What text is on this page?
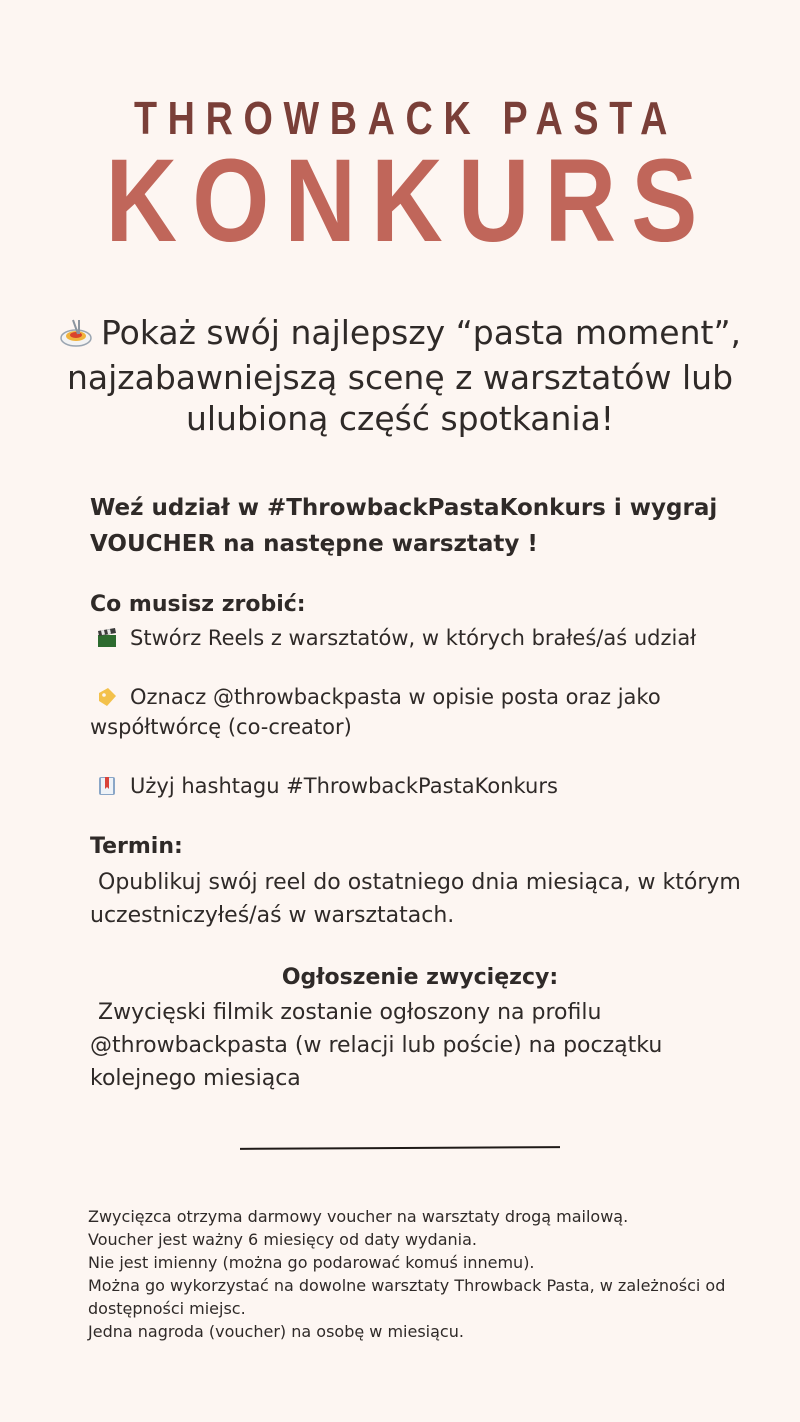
THROWBACK PASTA
KONKURS
Pokaż swój najlepszy “pasta moment”, najzabawniejszą scenę z warsztatów lub ulubioną część spotkania!
Weź udział w #ThrowbackPastaKonkurs i wygraj VOUCHER na następne warsztaty !
Co musisz zrobić:
Stwórz Reels z warsztatów, w których brałeś/aś udział
Oznacz @throwbackpasta w opisie posta oraz jako współtwórcę (co-creator)
Użyj hashtagu #ThrowbackPastaKonkurs
Termin:
Opublikuj swój reel do ostatniego dnia miesiąca, w którym uczestniczyłeś/aś w warsztatach.
Ogłoszenie zwycięzcy:
Zwycięski filmik zostanie ogłoszony na profilu @throwbackpasta (w relacji lub poście) na początku kolejnego miesiąca
Zwycięzca otrzyma darmowy voucher na warsztaty drogą mailową.
Voucher jest ważny 6 miesięcy od daty wydania.
Nie jest imienny (można go podarować komuś innemu).
Można go wykorzystać na dowolne warsztaty Throwback Pasta, w zależności od dostępności miejsc.
Jedna nagroda (voucher) na osobę w miesiącu.
